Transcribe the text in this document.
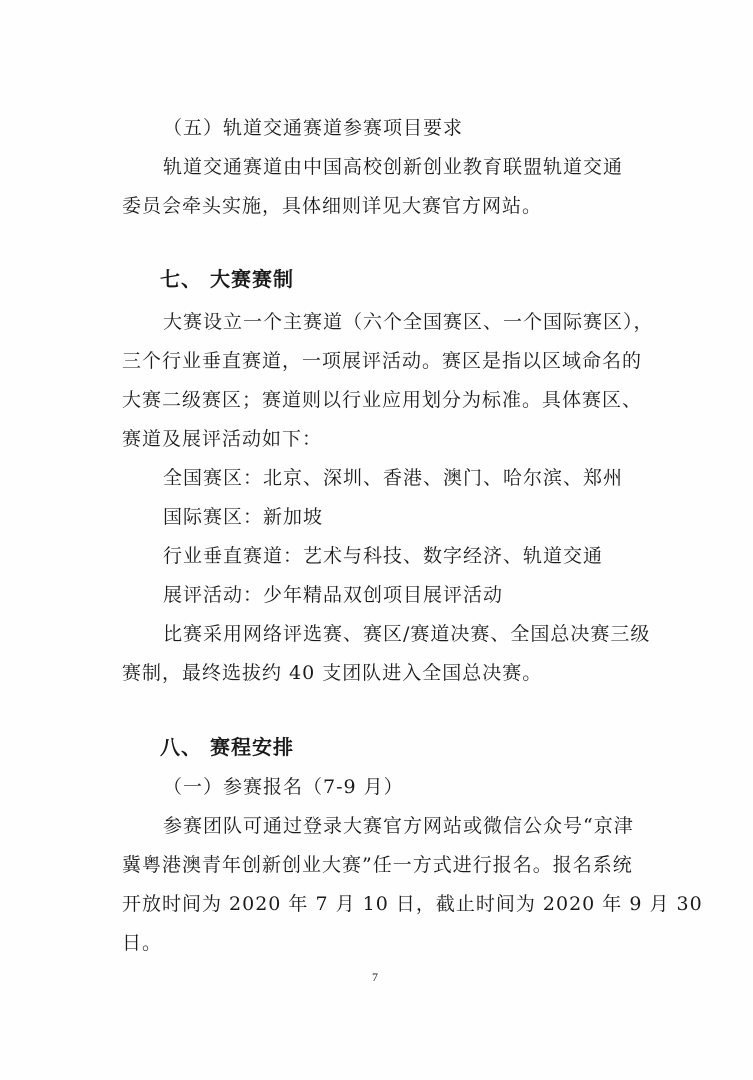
（五）轨道交通赛道参赛项目要求
轨道交通赛道由中国高校创新创业教育联盟轨道交通
委员会牵头实施，具体细则详见大赛官方网站。
七、 大赛赛制
大赛设立一个主赛道（六个全国赛区、一个国际赛区），
三个行业垂直赛道，一项展评活动。赛区是指以区域命名的
大赛二级赛区；赛道则以行业应用划分为标准。具体赛区、
赛道及展评活动如下：
全国赛区：北京、深圳、香港、澳门、哈尔滨、郑州
国际赛区：新加坡
行业垂直赛道：艺术与科技、数字经济、轨道交通
展评活动：少年精品双创项目展评活动
比赛采用网络评选赛、赛区/赛道决赛、全国总决赛三级
赛制，最终选拔约 40 支团队进入全国总决赛。
八、 赛程安排
（一）参赛报名（7-9 月）
参赛团队可通过登录大赛官方网站或微信公众号“京津
冀粤港澳青年创新创业大赛”任一方式进行报名。报名系统
开放时间为 2020 年 7 月 10 日，截止时间为 2020 年 9 月 30
日。
7
